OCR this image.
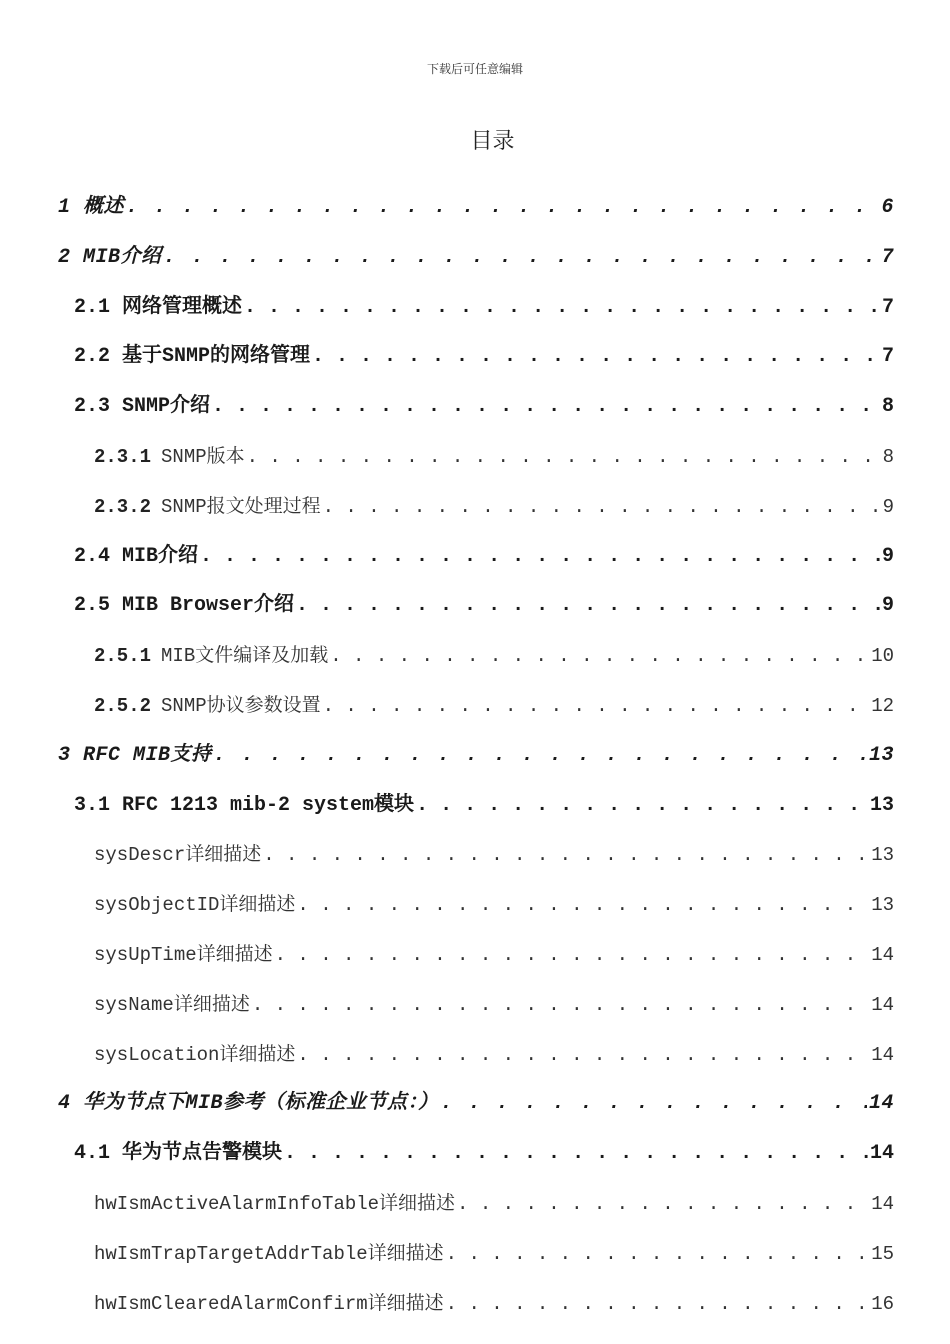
下载后可任意编辑
目录
1 概述 . . .	6
2 MIB介绍 . . .	7
2.1 网络管理概述 . . .	7
2.2 基于SNMP的网络管理 . . .	7
2.3 SNMP介绍 . . .	8
2.3.1 SNMP版本 . . .	8
2.3.2 SNMP报文处理过程 . . .	9
2.4 MIB介绍 . . .	9
2.5 MIB Browser介绍 . . .	9
2.5.1 MIB文件编译及加载 . . .	10
2.5.2 SNMP协议参数设置 . . .	12
3 RFC MIB支持 . . .	13
3.1 RFC 1213 mib-2 system模块 . . .	13
sysDescr详细描述 . . .	13
sysObjectID详细描述 . . .	13
sysUpTime详细描述 . . .	14
sysName详细描述 . . .	14
sysLocation详细描述 . . .	14
4 华为节点下MIB参考（标准企业节点：） . . .	14
4.1 华为节点告警模块 . . .	14
hwIsmActiveAlarmInfoTable详细描述 . . .	14
hwIsmTrapTargetAddrTable详细描述 . . .	15
hwIsmClearedAlarmConfirm详细描述 . . .	16
